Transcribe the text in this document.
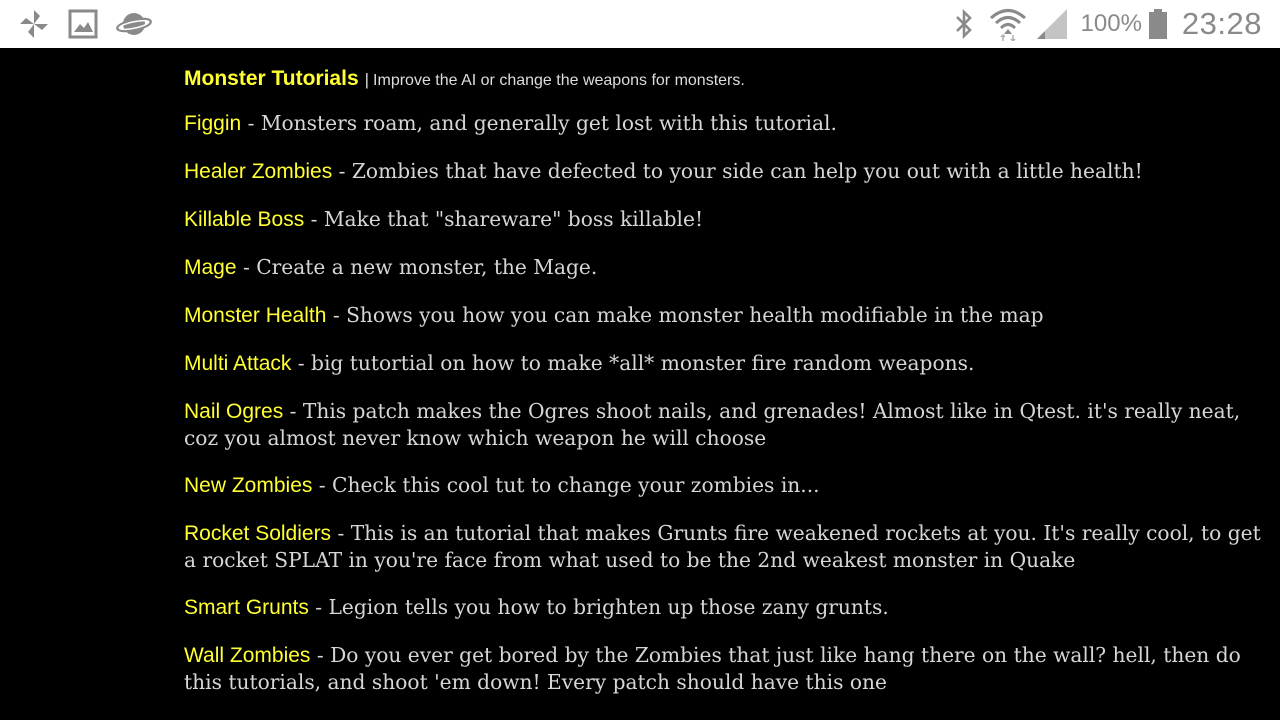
100% 23:28
Monster Tutorials | Improve the AI or change the weapons for monsters.
Figgin - Monsters roam, and generally get lost with this tutorial.
Healer Zombies - Zombies that have defected to your side can help you out with a little health!
Killable Boss - Make that "shareware" boss killable!
Mage - Create a new monster, the Mage.
Monster Health - Shows you how you can make monster health modifiable in the map
Multi Attack - big tutortial on how to make *all* monster fire random weapons.
Nail Ogres - This patch makes the Ogres shoot nails, and grenades! Almost like in Qtest. it's really neat, coz you almost never know which weapon he will choose
New Zombies - Check this cool tut to change your zombies in...
Rocket Soldiers - This is an tutorial that makes Grunts fire weakened rockets at you. It's really cool, to get a rocket SPLAT in you're face from what used to be the 2nd weakest monster in Quake
Smart Grunts - Legion tells you how to brighten up those zany grunts.
Wall Zombies - Do you ever get bored by the Zombies that just like hang there on the wall? hell, then do this tutorials, and shoot 'em down! Every patch should have this one
